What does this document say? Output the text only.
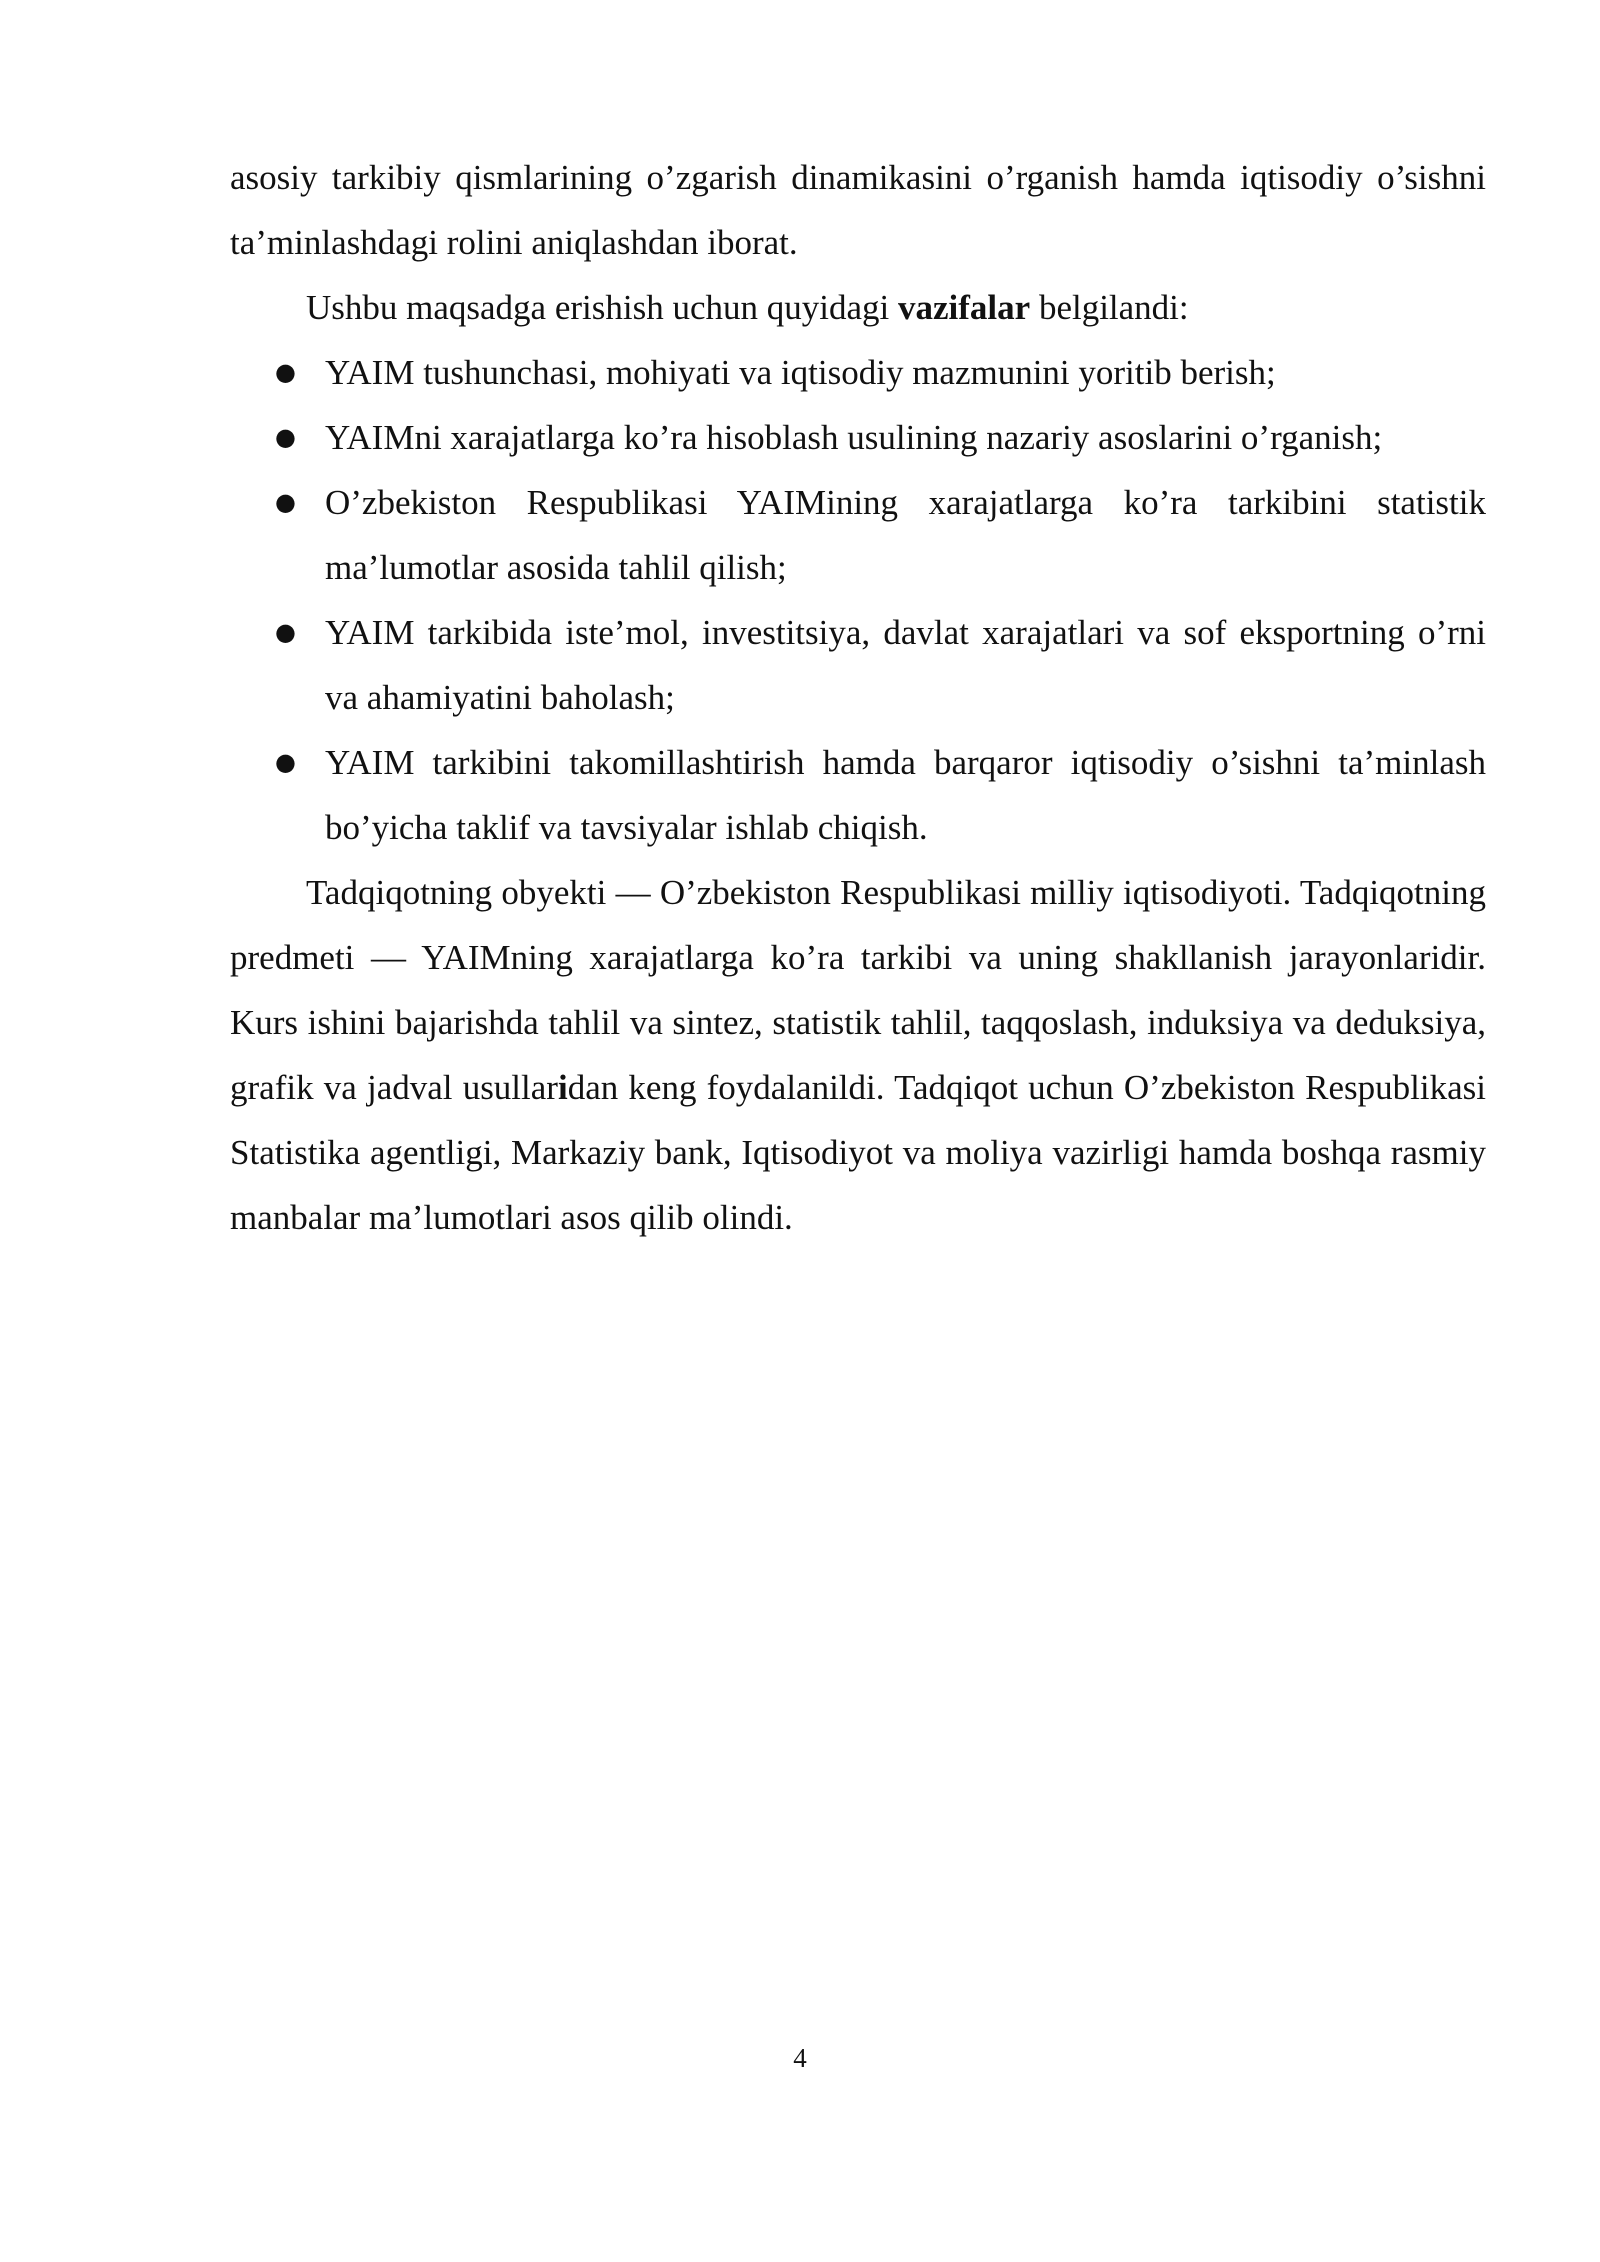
asosiy tarkibiy qismlarining o’zgarish dinamikasini o’rganish hamda iqtisodiy o’sishni ta’minlashdagi rolini aniqlashdan iborat.

Ushbu maqsadga erishish uchun quyidagi vazifalar belgilandi:

● YAIM tushunchasi, mohiyati va iqtisodiy mazmunini yoritib berish;
● YAIMni xarajatlarga ko’ra hisoblash usulining nazariy asoslarini o’rganish;
● O’zbekiston Respublikasi YAIMining xarajatlarga ko’ra tarkibini statistik ma’lumotlar asosida tahlil qilish;
● YAIM tarkibida iste’mol, investitsiya, davlat xarajatlari va sof eksportning o’rni va ahamiyatini baholash;
● YAIM tarkibini takomillashtirish hamda barqaror iqtisodiy o’sishni ta’minlash bo’yicha taklif va tavsiyalar ishlab chiqish.

Tadqiqotning obyekti — O’zbekiston Respublikasi milliy iqtisodiyoti. Tadqiqotning predmeti — YAIMning xarajatlarga ko’ra tarkibi va uning shakllanish jarayonlaridir. Kurs ishini bajarishda tahlil va sintez, statistik tahlil, taqqoslash, induksiya va deduksiya, grafik va jadval usullaridan keng foydalanildi. Tadqiqot uchun O’zbekiston Respublikasi Statistika agentligi, Markaziy bank, Iqtisodiyot va moliya vazirligi hamda boshqa rasmiy manbalar ma’lumotlari asos qilib olindi.

4
